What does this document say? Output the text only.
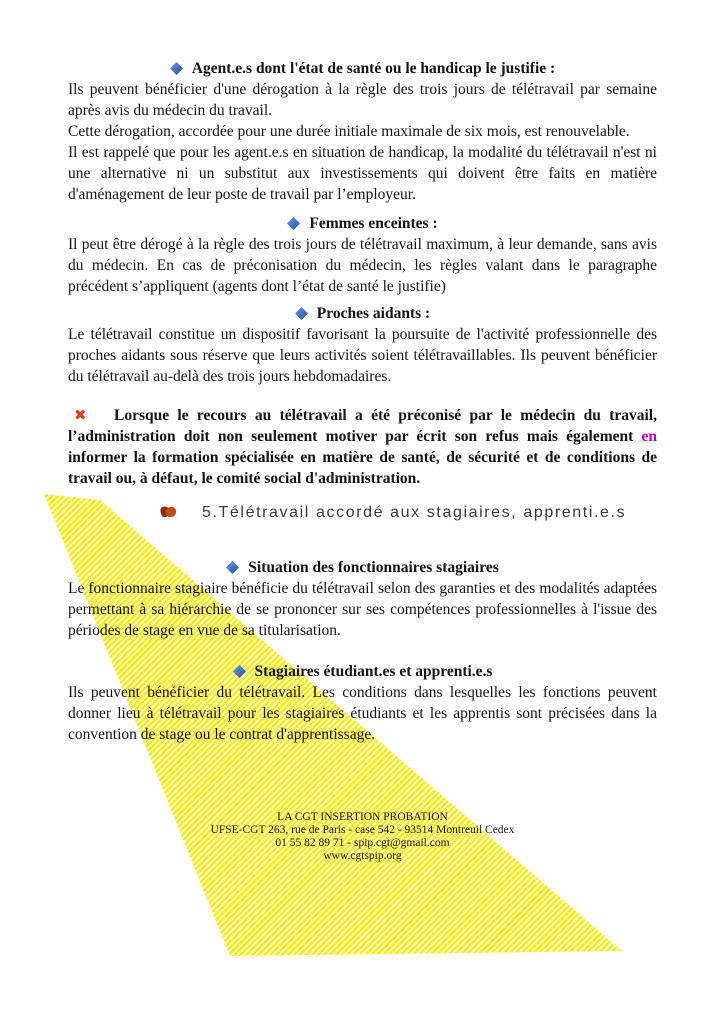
Agent.e.s dont l'état de santé ou le handicap le justifie :

Ils peuvent bénéficier d'une dérogation à la règle des trois jours de télétravail par semaine après avis du médecin du travail.

Cette dérogation, accordée pour une durée initiale maximale de six mois, est renouvelable.

Il est rappelé que pour les agent.e.s en situation de handicap, la modalité du télétravail n'est ni une alternative ni un substitut aux investissements qui doivent être faits en matière d'aménagement de leur poste de travail par l’employeur.

Femmes enceintes :

Il peut être dérogé à la règle des trois jours de télétravail maximum, à leur demande, sans avis du médecin. En cas de préconisation du médecin, les règles valant dans le paragraphe précédent s’appliquent (agents dont l’état de santé le justifie)

Proches aidants :

Le télétravail constitue un dispositif favorisant la poursuite de l'activité professionnelle des proches aidants sous réserve que leurs activités soient télétravaillables. Ils peuvent bénéficier du télétravail au-delà des trois jours hebdomadaires.

✖ Lorsque le recours au télétravail a été préconisé par le médecin du travail, l’administration doit non seulement motiver par écrit son refus mais également en informer la formation spécialisée en matière de santé, de sécurité et de conditions de travail ou, à défaut, le comité social d'administration.

5.Télétravail accordé aux stagiaires, apprenti.e.s
Situation des fonctionnaires stagiaires

Le fonctionnaire stagiaire bénéficie du télétravail selon des garanties et des modalités adaptées permettant à sa hiérarchie de se prononcer sur ses compétences professionnelles à l'issue des périodes de stage en vue de sa titularisation.

Stagiaires étudiant.es et apprenti.e.s

Ils peuvent bénéficier du télétravail. Les conditions dans lesquelles les fonctions peuvent donner lieu à télétravail pour les stagiaires étudiants et les apprentis sont précisées dans la convention de stage ou le contrat d'apprentissage.

LA CGT INSERTION PROBATION
UFSE-CGT 263, rue de Paris - case 542 - 93514 Montreuil Cedex
01 55 82 89 71 - spip.cgt@gmail.com
www.cgtspip.org
